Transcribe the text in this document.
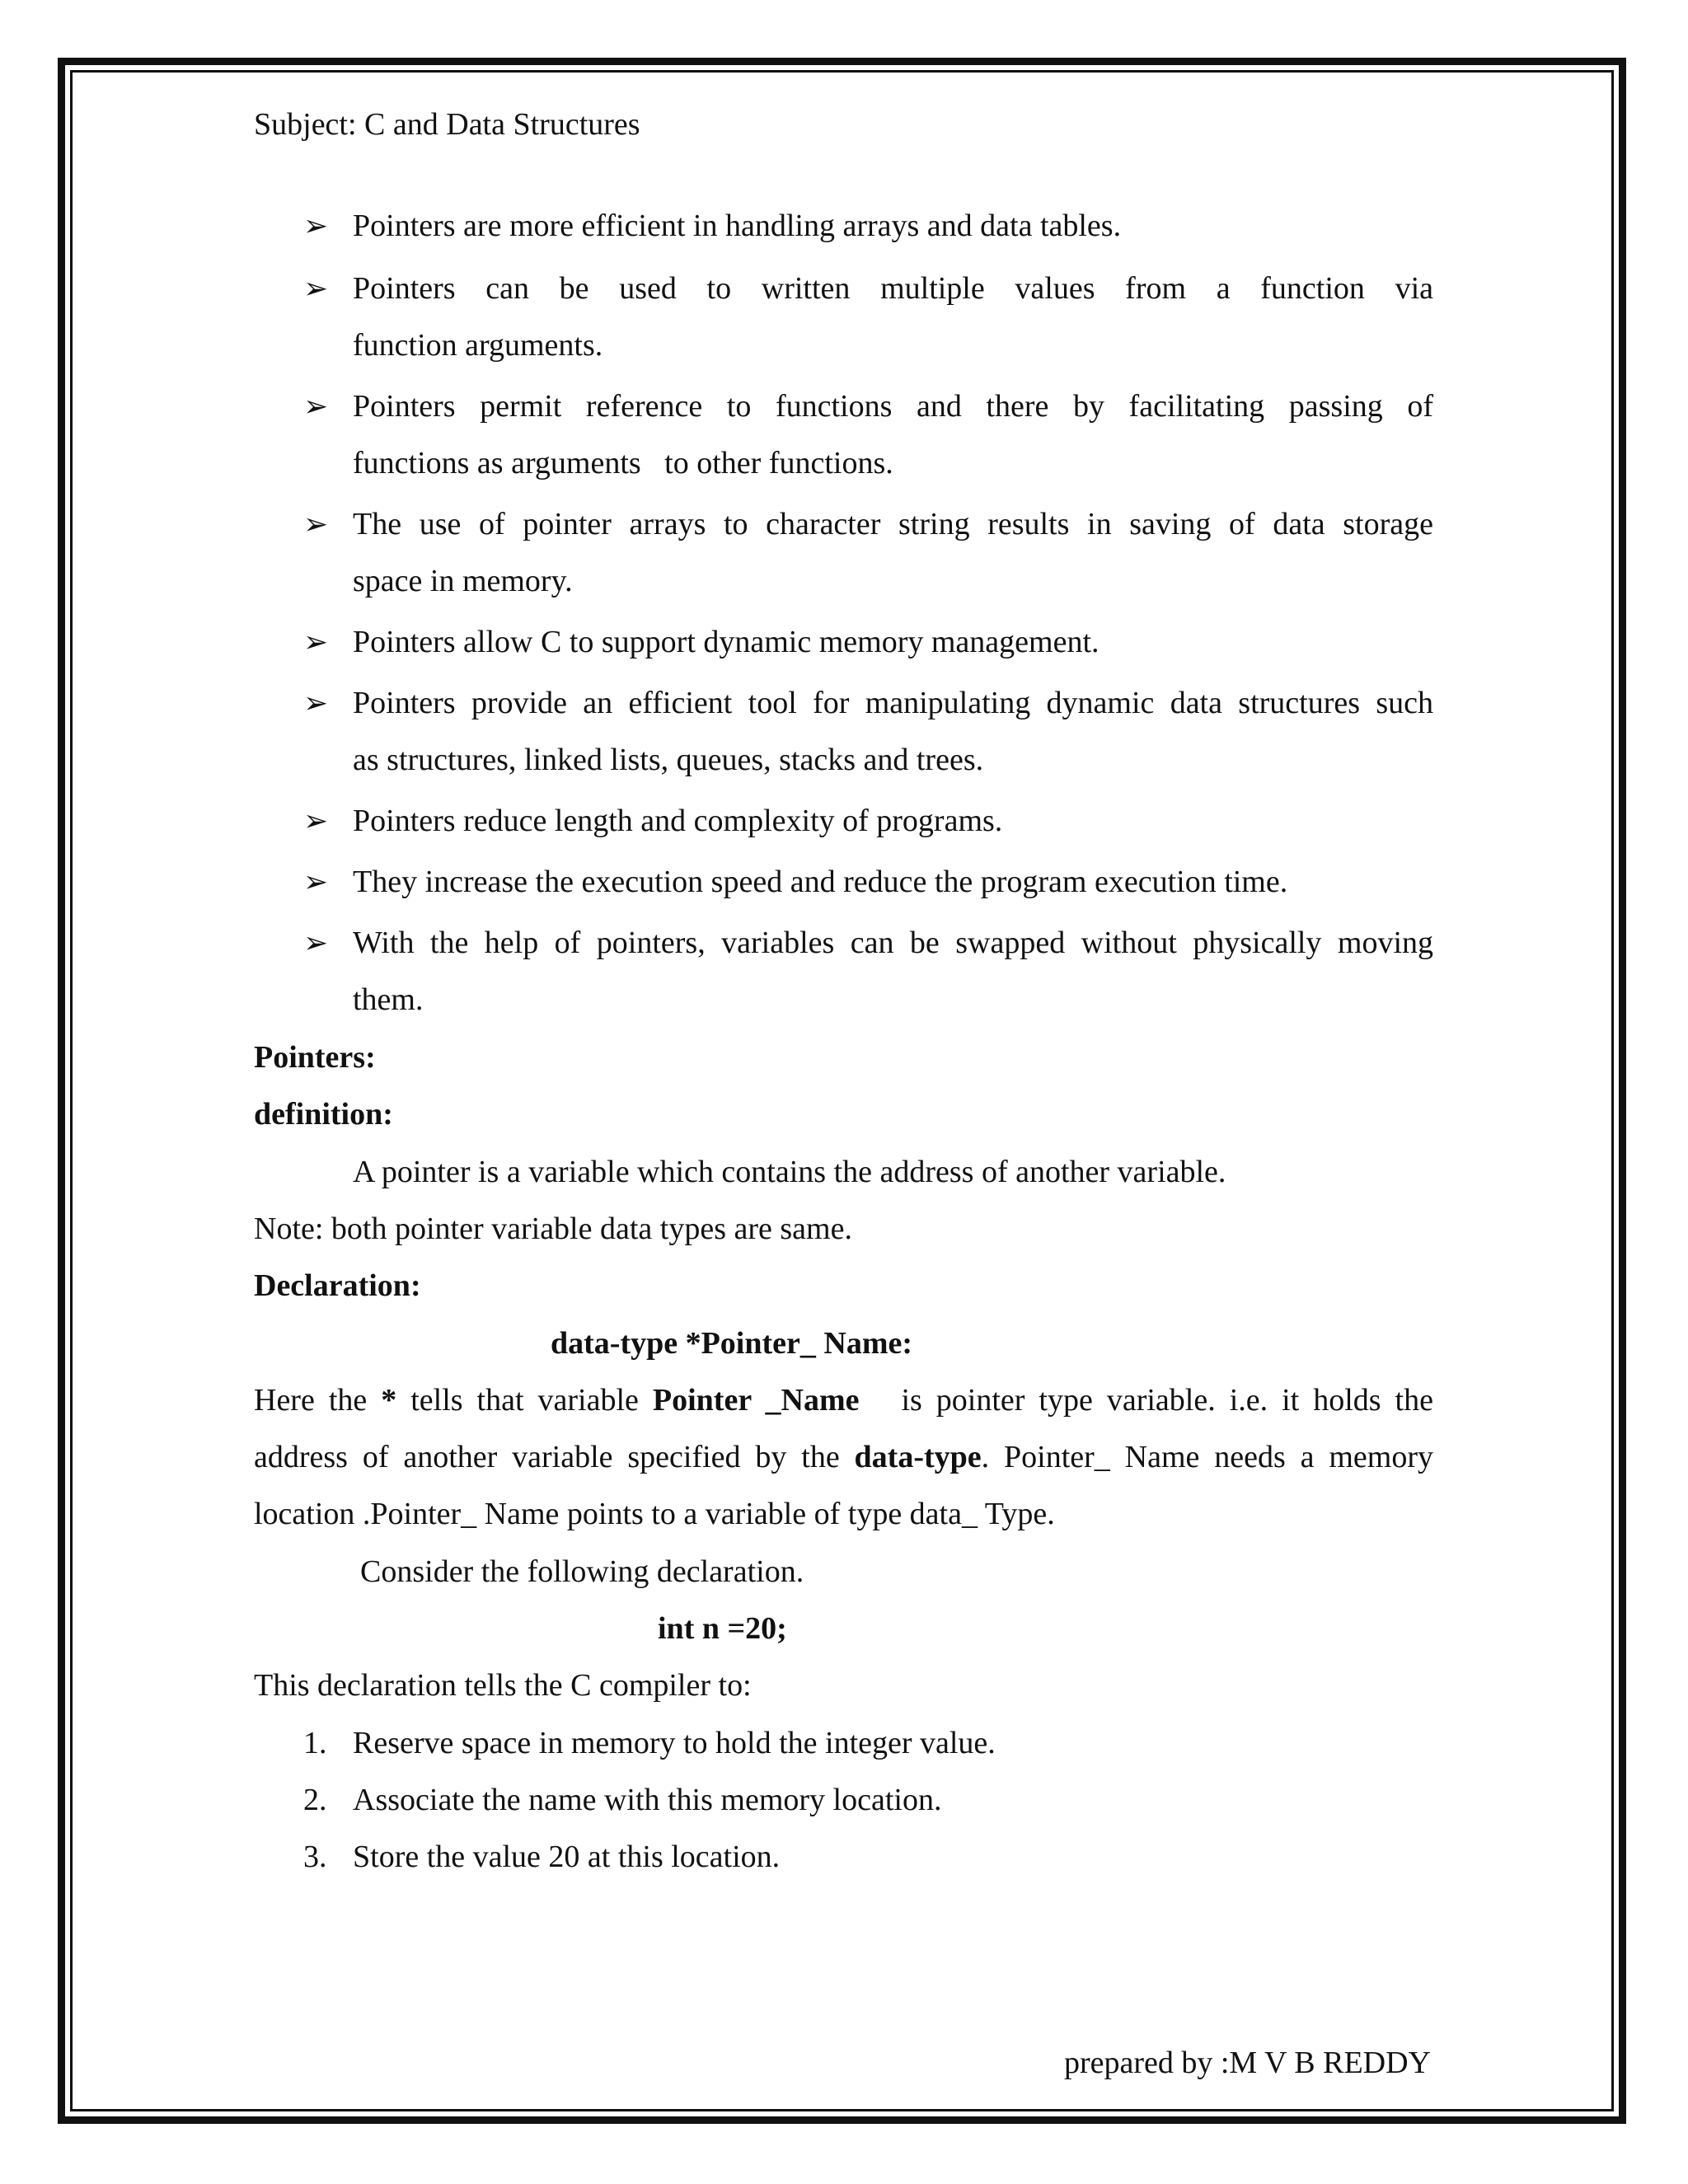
Subject: C and Data Structures
➢ Pointers are more efficient in handling arrays and data tables.
➢ Pointers can be used to written multiple values from a function via
function arguments.
➢ Pointers permit reference to functions and there by facilitating passing of
functions as arguments   to other functions.
➢ The use of pointer arrays to character string results in saving of data storage
space in memory.
➢ Pointers allow C to support dynamic memory management.
➢ Pointers provide an efficient tool for manipulating dynamic data structures such
as structures, linked lists, queues, stacks and trees.
➢ Pointers reduce length and complexity of programs.
➢ They increase the execution speed and reduce the program execution time.
➢ With the help of pointers, variables can be swapped without physically moving
them.
Pointers:
definition:
A pointer is a variable which contains the address of another variable.
Note: both pointer variable data types are same.
Declaration:
data-type *Pointer_ Name:
Here the * tells that variable Pointer _Name   is pointer type variable. i.e. it holds the
address of another variable specified by the data-type. Pointer_ Name needs a memory
location .Pointer_ Name points to a variable of type data_ Type.
Consider the following declaration.
int n =20;
This declaration tells the C compiler to:
1. Reserve space in memory to hold the integer value.
2. Associate the name with this memory location.
3. Store the value 20 at this location.
prepared by :M V B REDDY
